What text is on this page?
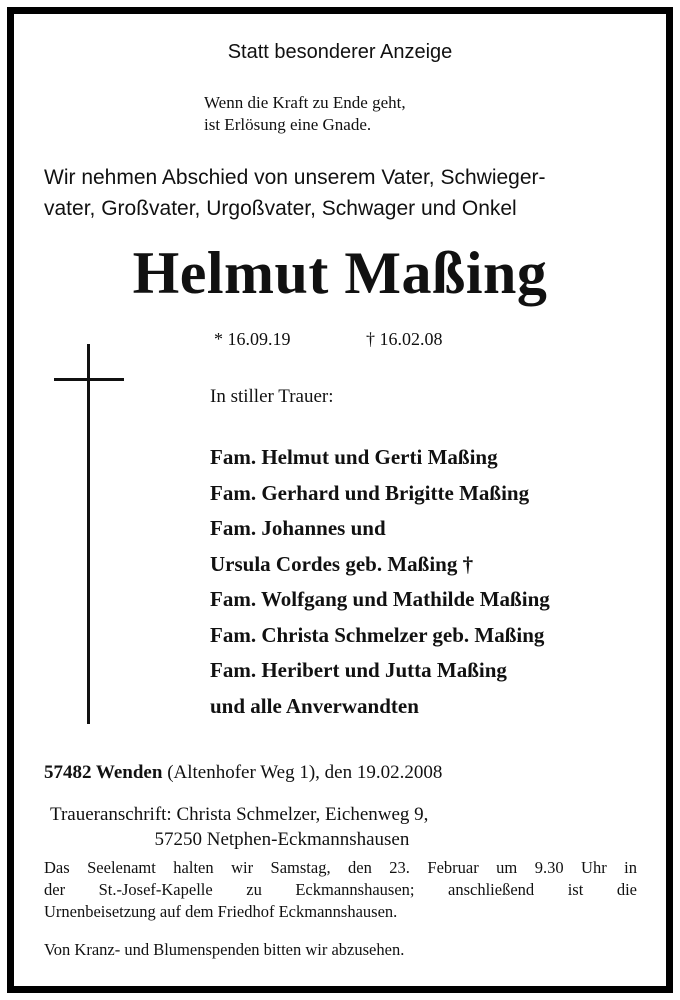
Statt besonderer Anzeige
Wenn die Kraft zu Ende geht,
ist Erlösung eine Gnade.
Wir nehmen Abschied von unserem Vater, Schwieger-
vater, Großvater, Urgoßvater, Schwager und Onkel
Helmut Maßing
* 16.09.19	† 16.02.08
In stiller Trauer:
Fam. Helmut und Gerti Maßing
Fam. Gerhard und Brigitte Maßing
Fam. Johannes und
Ursula Cordes geb. Maßing †
Fam. Wolfgang und Mathilde Maßing
Fam. Christa Schmelzer geb. Maßing
Fam. Heribert und Jutta Maßing
und alle Anverwandten
57482 Wenden (Altenhofer Weg 1), den 19.02.2008
Traueranschrift: Christa Schmelzer, Eichenweg 9,
57250 Netphen-Eckmannshausen
Das Seelenamt halten wir Samstag, den 23. Februar um 9.30 Uhr in
der St.-Josef-Kapelle zu Eckmannshausen; anschließend ist die
Urnenbeisetzung auf dem Friedhof Eckmannshausen.
Von Kranz- und Blumenspenden bitten wir abzusehen.
